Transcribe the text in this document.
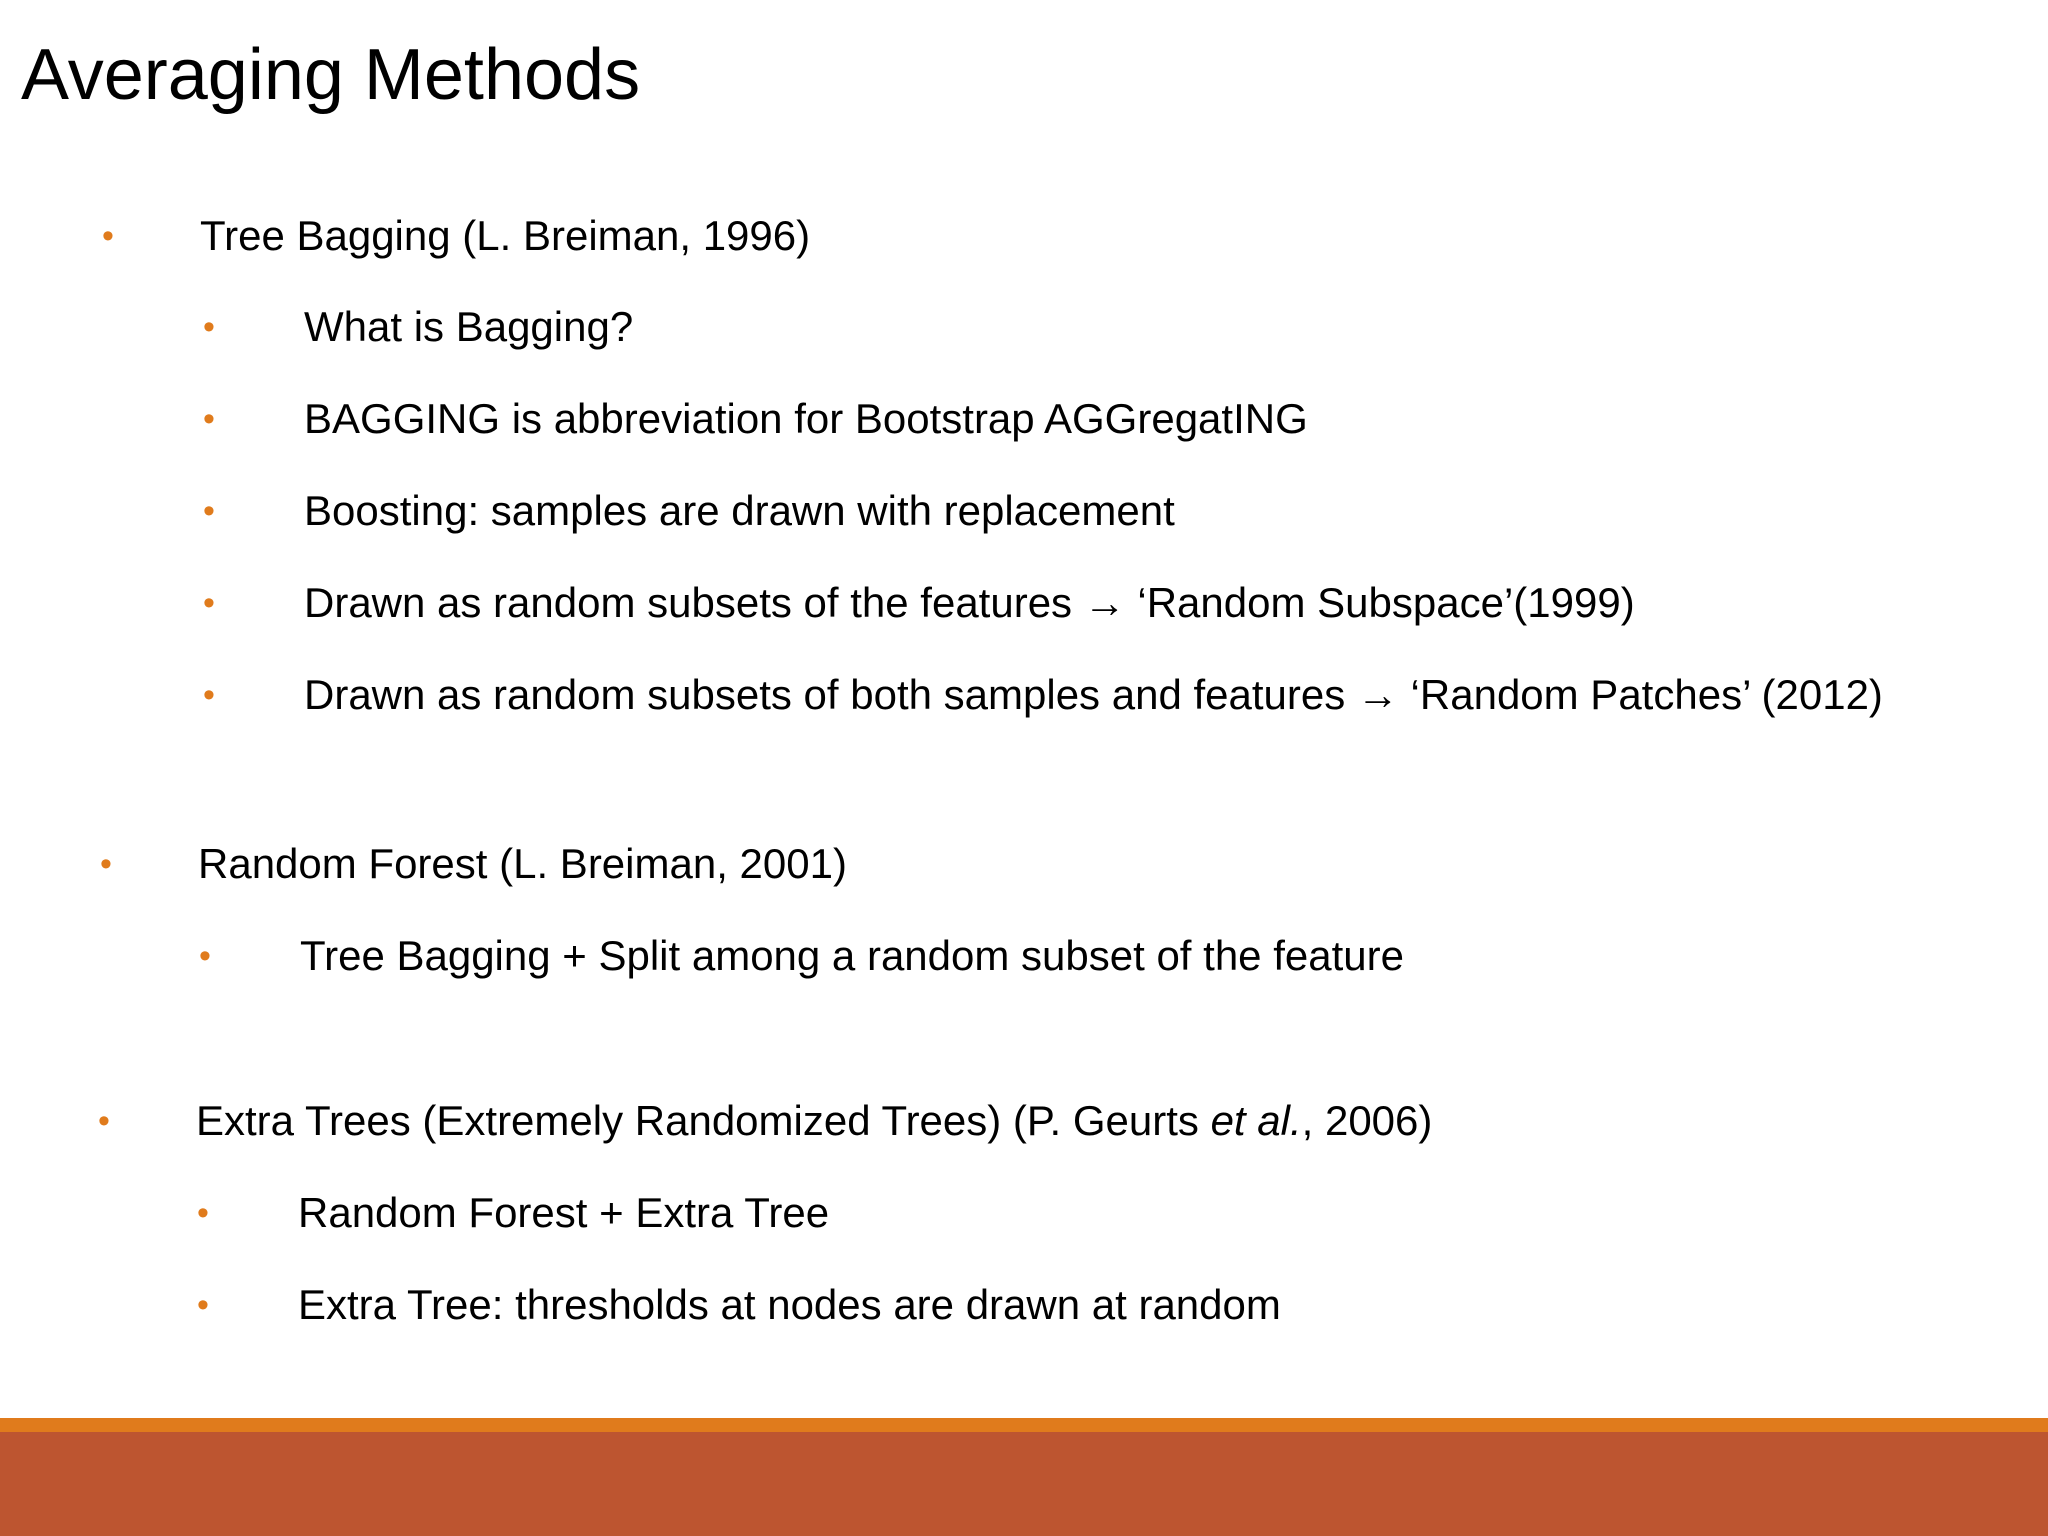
Averaging Methods
• Tree Bagging (L. Breiman, 1996)
• What is Bagging?
• BAGGING is abbreviation for Bootstrap AGGregatING
• Boosting: samples are drawn with replacement
• Drawn as random subsets of the features → ‘Random Subspace’(1999)
• Drawn as random subsets of both samples and features → ‘Random Patches’ (2012)
• Random Forest (L. Breiman, 2001)
• Tree Bagging + Split among a random subset of the feature
• Extra Trees (Extremely Randomized Trees) (P. Geurts et al., 2006)
• Random Forest + Extra Tree
• Extra Tree: thresholds at nodes are drawn at random
